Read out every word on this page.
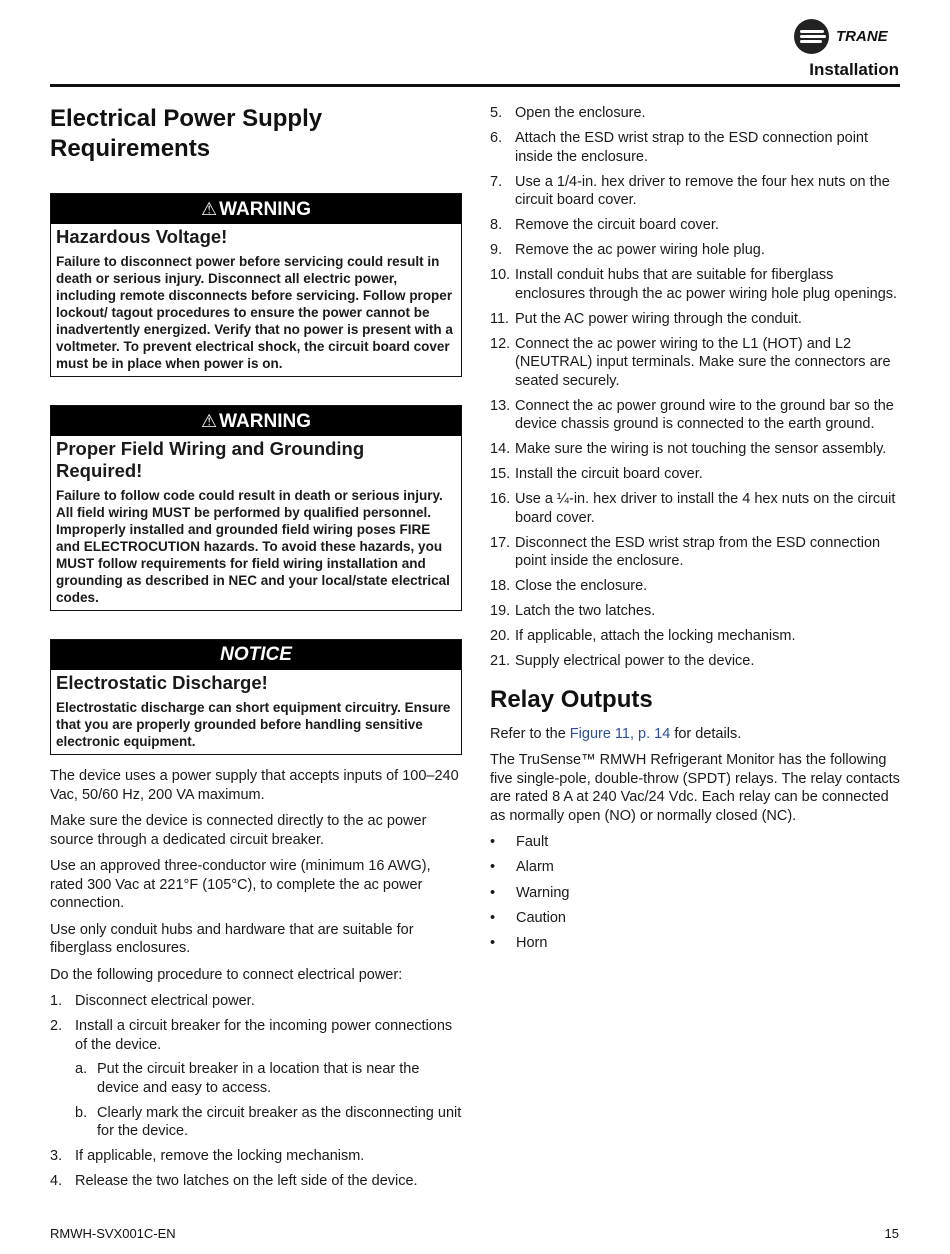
TRANE
Installation
Electrical Power Supply
Requirements
⚠ WARNING
Hazardous Voltage!
Failure to disconnect power before servicing could result in death or serious injury. Disconnect all electric power, including remote disconnects before servicing. Follow proper lockout/ tagout procedures to ensure the power cannot be inadvertently energized. Verify that no power is present with a voltmeter. To prevent electrical shock, the circuit board cover must be in place when power is on.
⚠ WARNING
Proper Field Wiring and Grounding Required!
Failure to follow code could result in death or serious injury. All field wiring MUST be performed by qualified personnel. Improperly installed and grounded field wiring poses FIRE and ELECTROCUTION hazards. To avoid these hazards, you MUST follow requirements for field wiring installation and grounding as described in NEC and your local/state electrical codes.
NOTICE
Electrostatic Discharge!
Electrostatic discharge can short equipment circuitry. Ensure that you are properly grounded before handling sensitive electronic equipment.

The device uses a power supply that accepts inputs of 100–240 Vac, 50/60 Hz, 200 VA maximum.

Make sure the device is connected directly to the ac power source through a dedicated circuit breaker.

Use an approved three-conductor wire (minimum 16 AWG), rated 300 Vac at 221°F (105°C), to complete the ac power connection.

Use only conduit hubs and hardware that are suitable for fiberglass enclosures.

Do the following procedure to connect electrical power:

1. Disconnect electrical power.
2. Install a circuit breaker for the incoming power connections of the device.
a. Put the circuit breaker in a location that is near the device and easy to access.
b. Clearly mark the circuit breaker as the disconnecting unit for the device.
3. If applicable, remove the locking mechanism.
4. Release the two latches on the left side of the device.
5. Open the enclosure.
6. Attach the ESD wrist strap to the ESD connection point inside the enclosure.
7. Use a 1/4-in. hex driver to remove the four hex nuts on the circuit board cover.
8. Remove the circuit board cover.
9. Remove the ac power wiring hole plug.
10. Install conduit hubs that are suitable for fiberglass enclosures through the ac power wiring hole plug openings.
11. Put the AC power wiring through the conduit.
12. Connect the ac power wiring to the L1 (HOT) and L2 (NEUTRAL) input terminals. Make sure the connectors are seated securely.
13. Connect the ac power ground wire to the ground bar so the device chassis ground is connected to the earth ground.
14. Make sure the wiring is not touching the sensor assembly.
15. Install the circuit board cover.
16. Use a ¼-in. hex driver to install the 4 hex nuts on the circuit board cover.
17. Disconnect the ESD wrist strap from the ESD connection point inside the enclosure.
18. Close the enclosure.
19. Latch the two latches.
20. If applicable, attach the locking mechanism.
21. Supply electrical power to the device.
Relay Outputs

Refer to the Figure 11, p. 14 for details.

The TruSense™ RMWH Refrigerant Monitor has the following five single-pole, double-throw (SPDT) relays. The relay contacts are rated 8 A at 240 Vac/24 Vdc. Each relay can be connected as normally open (NO) or normally closed (NC).

• Fault
• Alarm
• Warning
• Caution
• Horn
RMWH-SVX001C-EN	15
